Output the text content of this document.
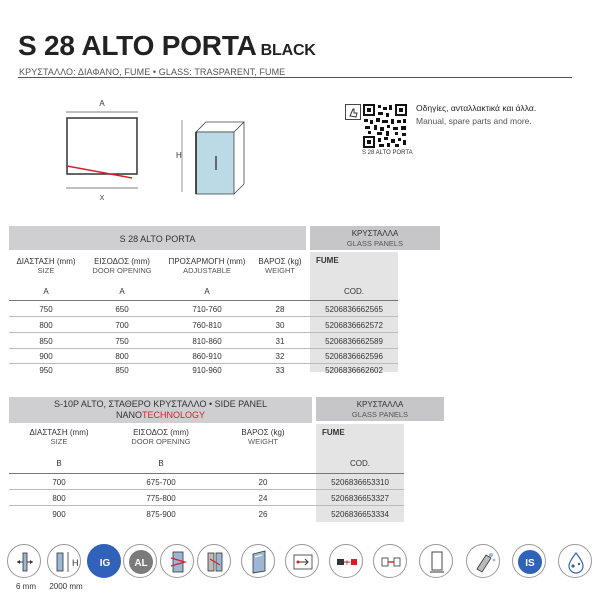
S 28 ALTO PORTA BLACK
ΚΡΥΣΤΑΛΛΟ: ΔΙΑΦΑΝΟ, FUME • GLASS: TRASPARENT, FUME
A
X
H	S 28 ALTO PORTA
Οδηγίες, ανταλλακτικά και άλλα.
Manual, spare parts and more.
S 28 ALTO PORTA
ΚΡΥΣΤΑΛΛΑ
GLASS PANELS
FUME
COD.
ΔΙΑΣΤΑΣΗ (mm)
SIZE
A
ΕΙΣΟΔΟΣ (mm)
DOOR OPENING
A
ΠΡΟΣΑΡΜΟΓΗ (mm)
ADJUSTABLE
A
ΒΑΡΟΣ (kg)
WEIGHT
750	650	710-760	28	5206836662565
800	700	760-810	30	5206836662572
850	750	810-860	31	5206836662589
900	800	860-910	32	5206836662596
950	850	910-960	33	5206836662602
S-10P ALTO, ΣΤΑΘΕΡΟ ΚΡΥΣΤΑΛΛΟ • SIDE PANEL
NANOTECHNOLOGY
ΚΡΥΣΤΑΛΛΑ
GLASS PANELS
FUME
COD.
ΔΙΑΣΤΑΣΗ (mm)
SIZE
B
ΕΙΣΟΔΟΣ (mm)
DOOR OPENING
B
ΒΑΡΟΣ (kg)
WEIGHT
700	675-700	20	5206836653310
800	775-800	24	5206836653327
900	875-900	26	5206836653334
H IG AL	+	IS
6 mm	2000 mm
